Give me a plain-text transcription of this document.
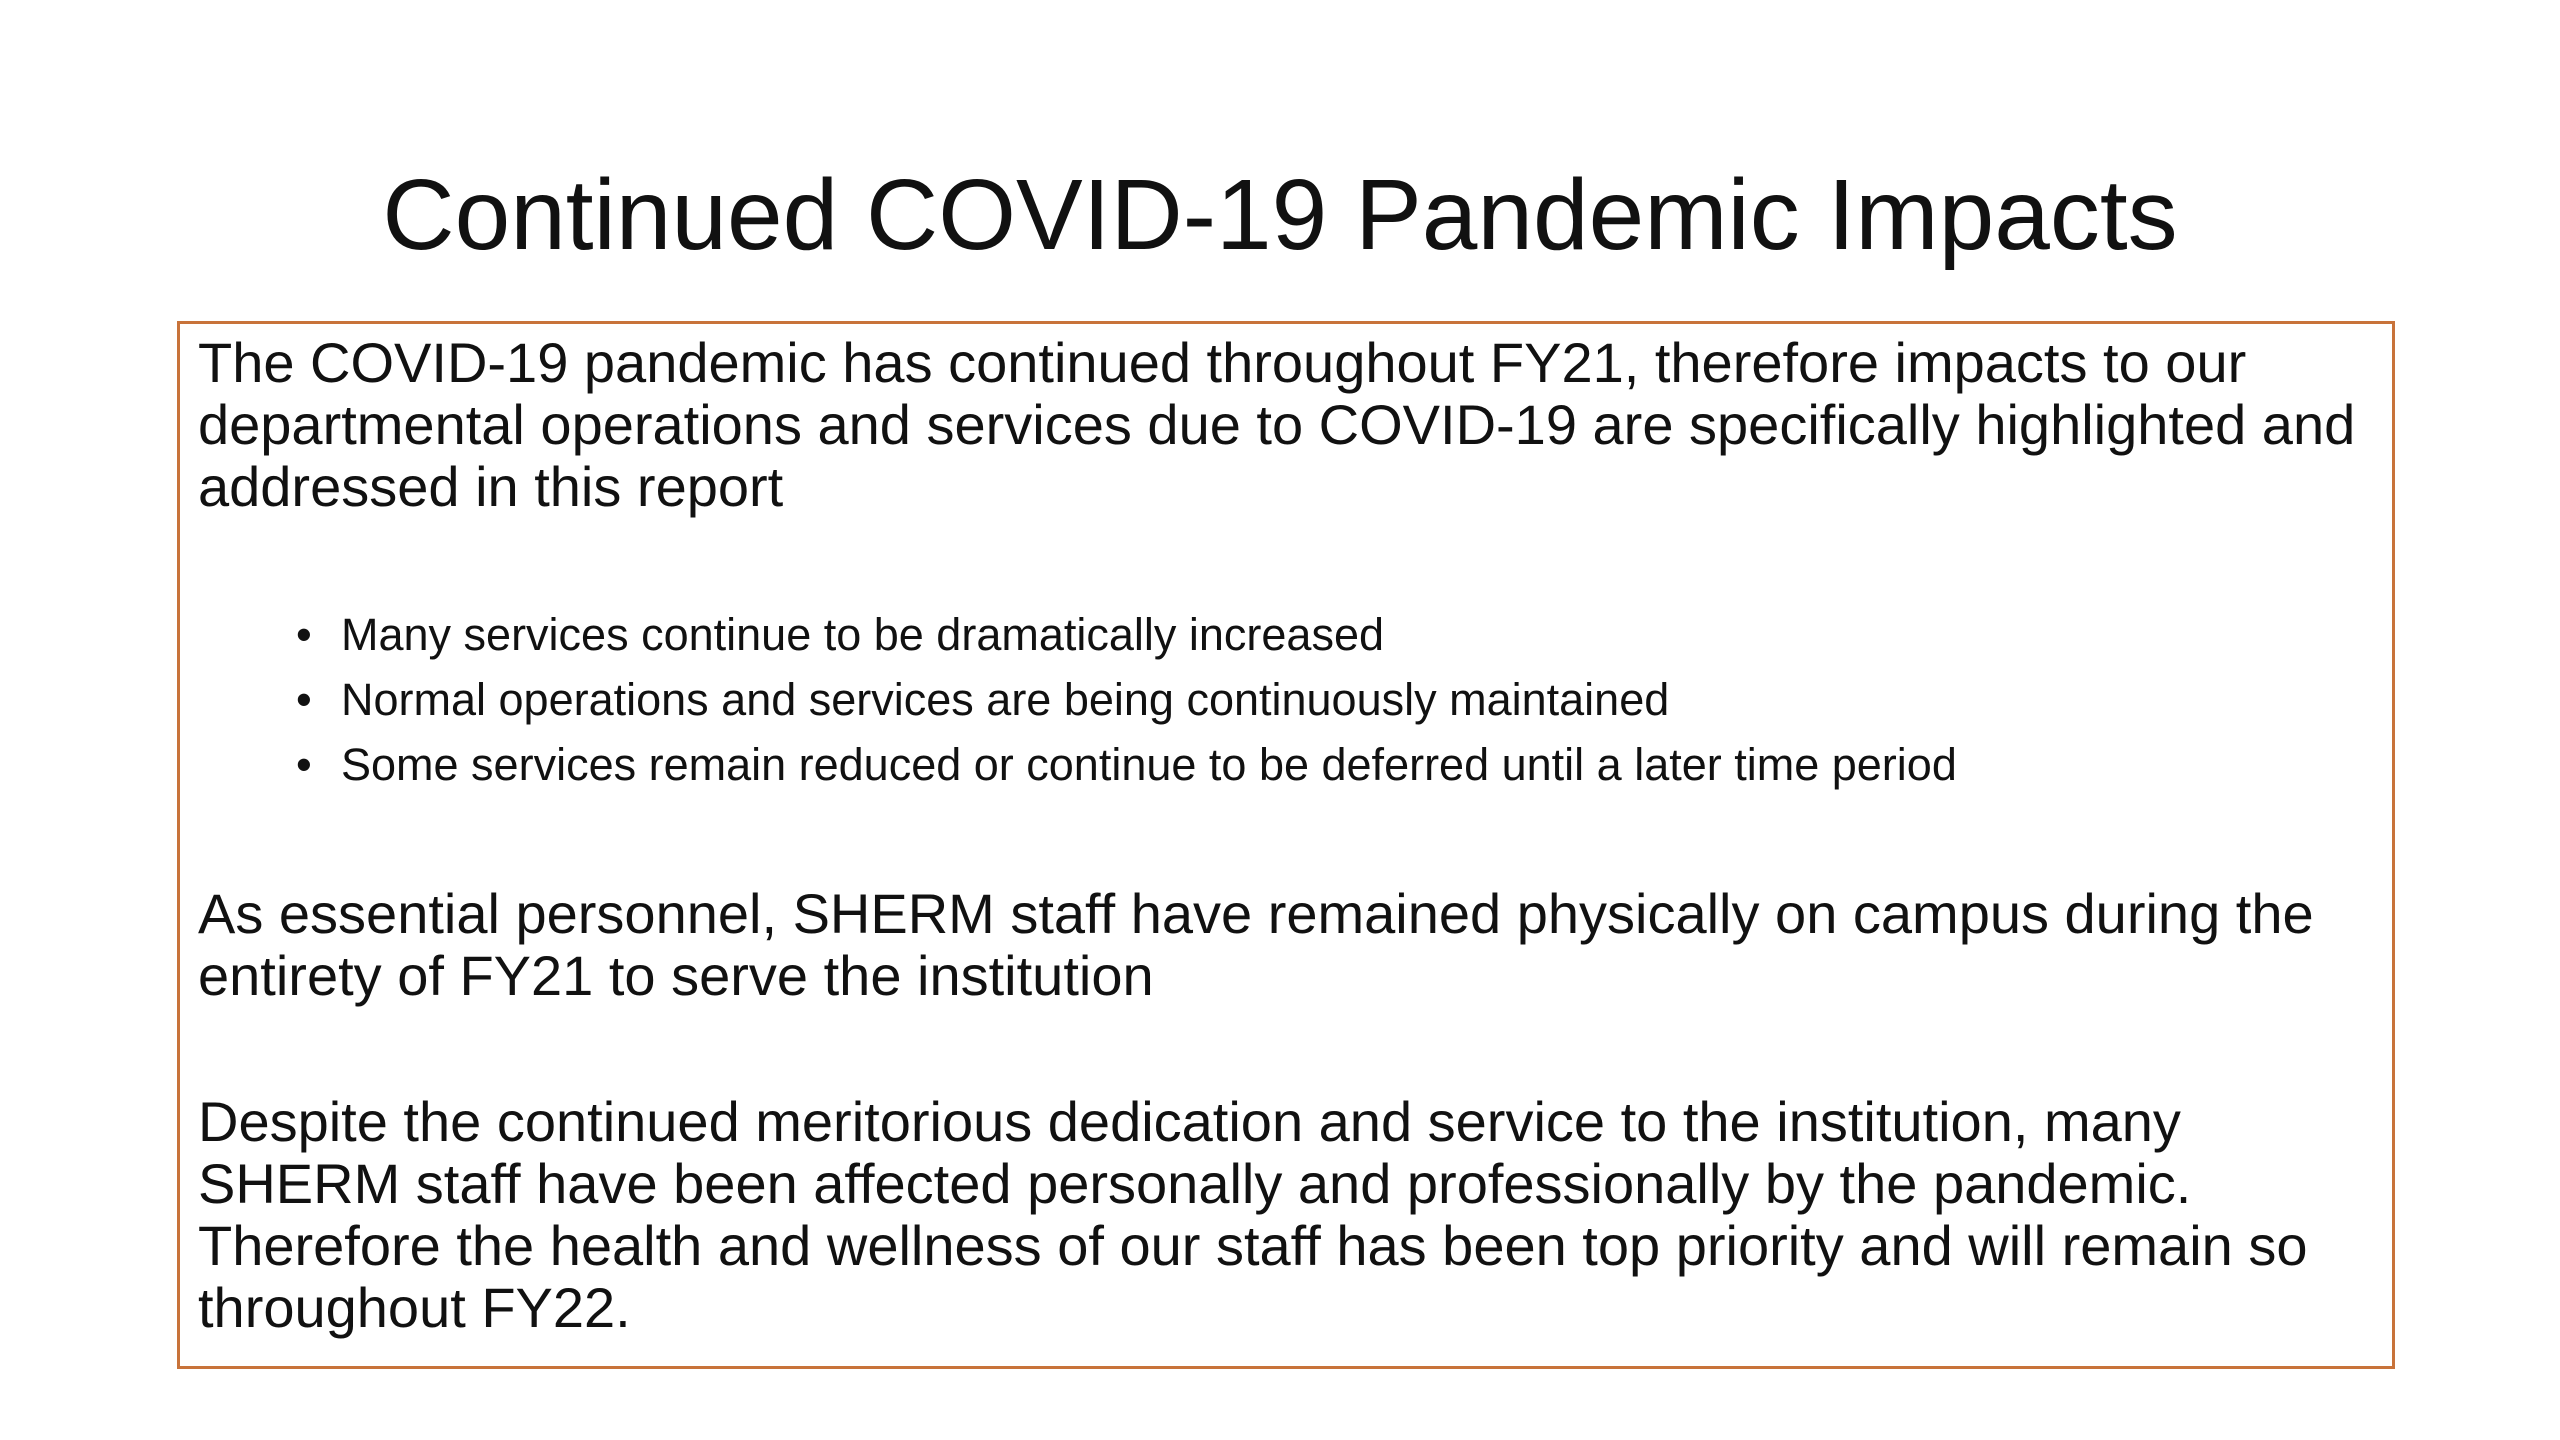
Continued COVID-19 Pandemic Impacts

The COVID-19 pandemic has continued throughout FY21, therefore impacts to our departmental operations and services due to COVID-19 are specifically highlighted and addressed in this report

• Many services continue to be dramatically increased
• Normal operations and services are being continuously maintained
• Some services remain reduced or continue to be deferred until a later time period

As essential personnel, SHERM staff have remained physically on campus during the entirety of FY21 to serve the institution

Despite the continued meritorious dedication and service to the institution, many SHERM staff have been affected personally and professionally by the pandemic. Therefore the health and wellness of our staff has been top priority and will remain so throughout FY22.
